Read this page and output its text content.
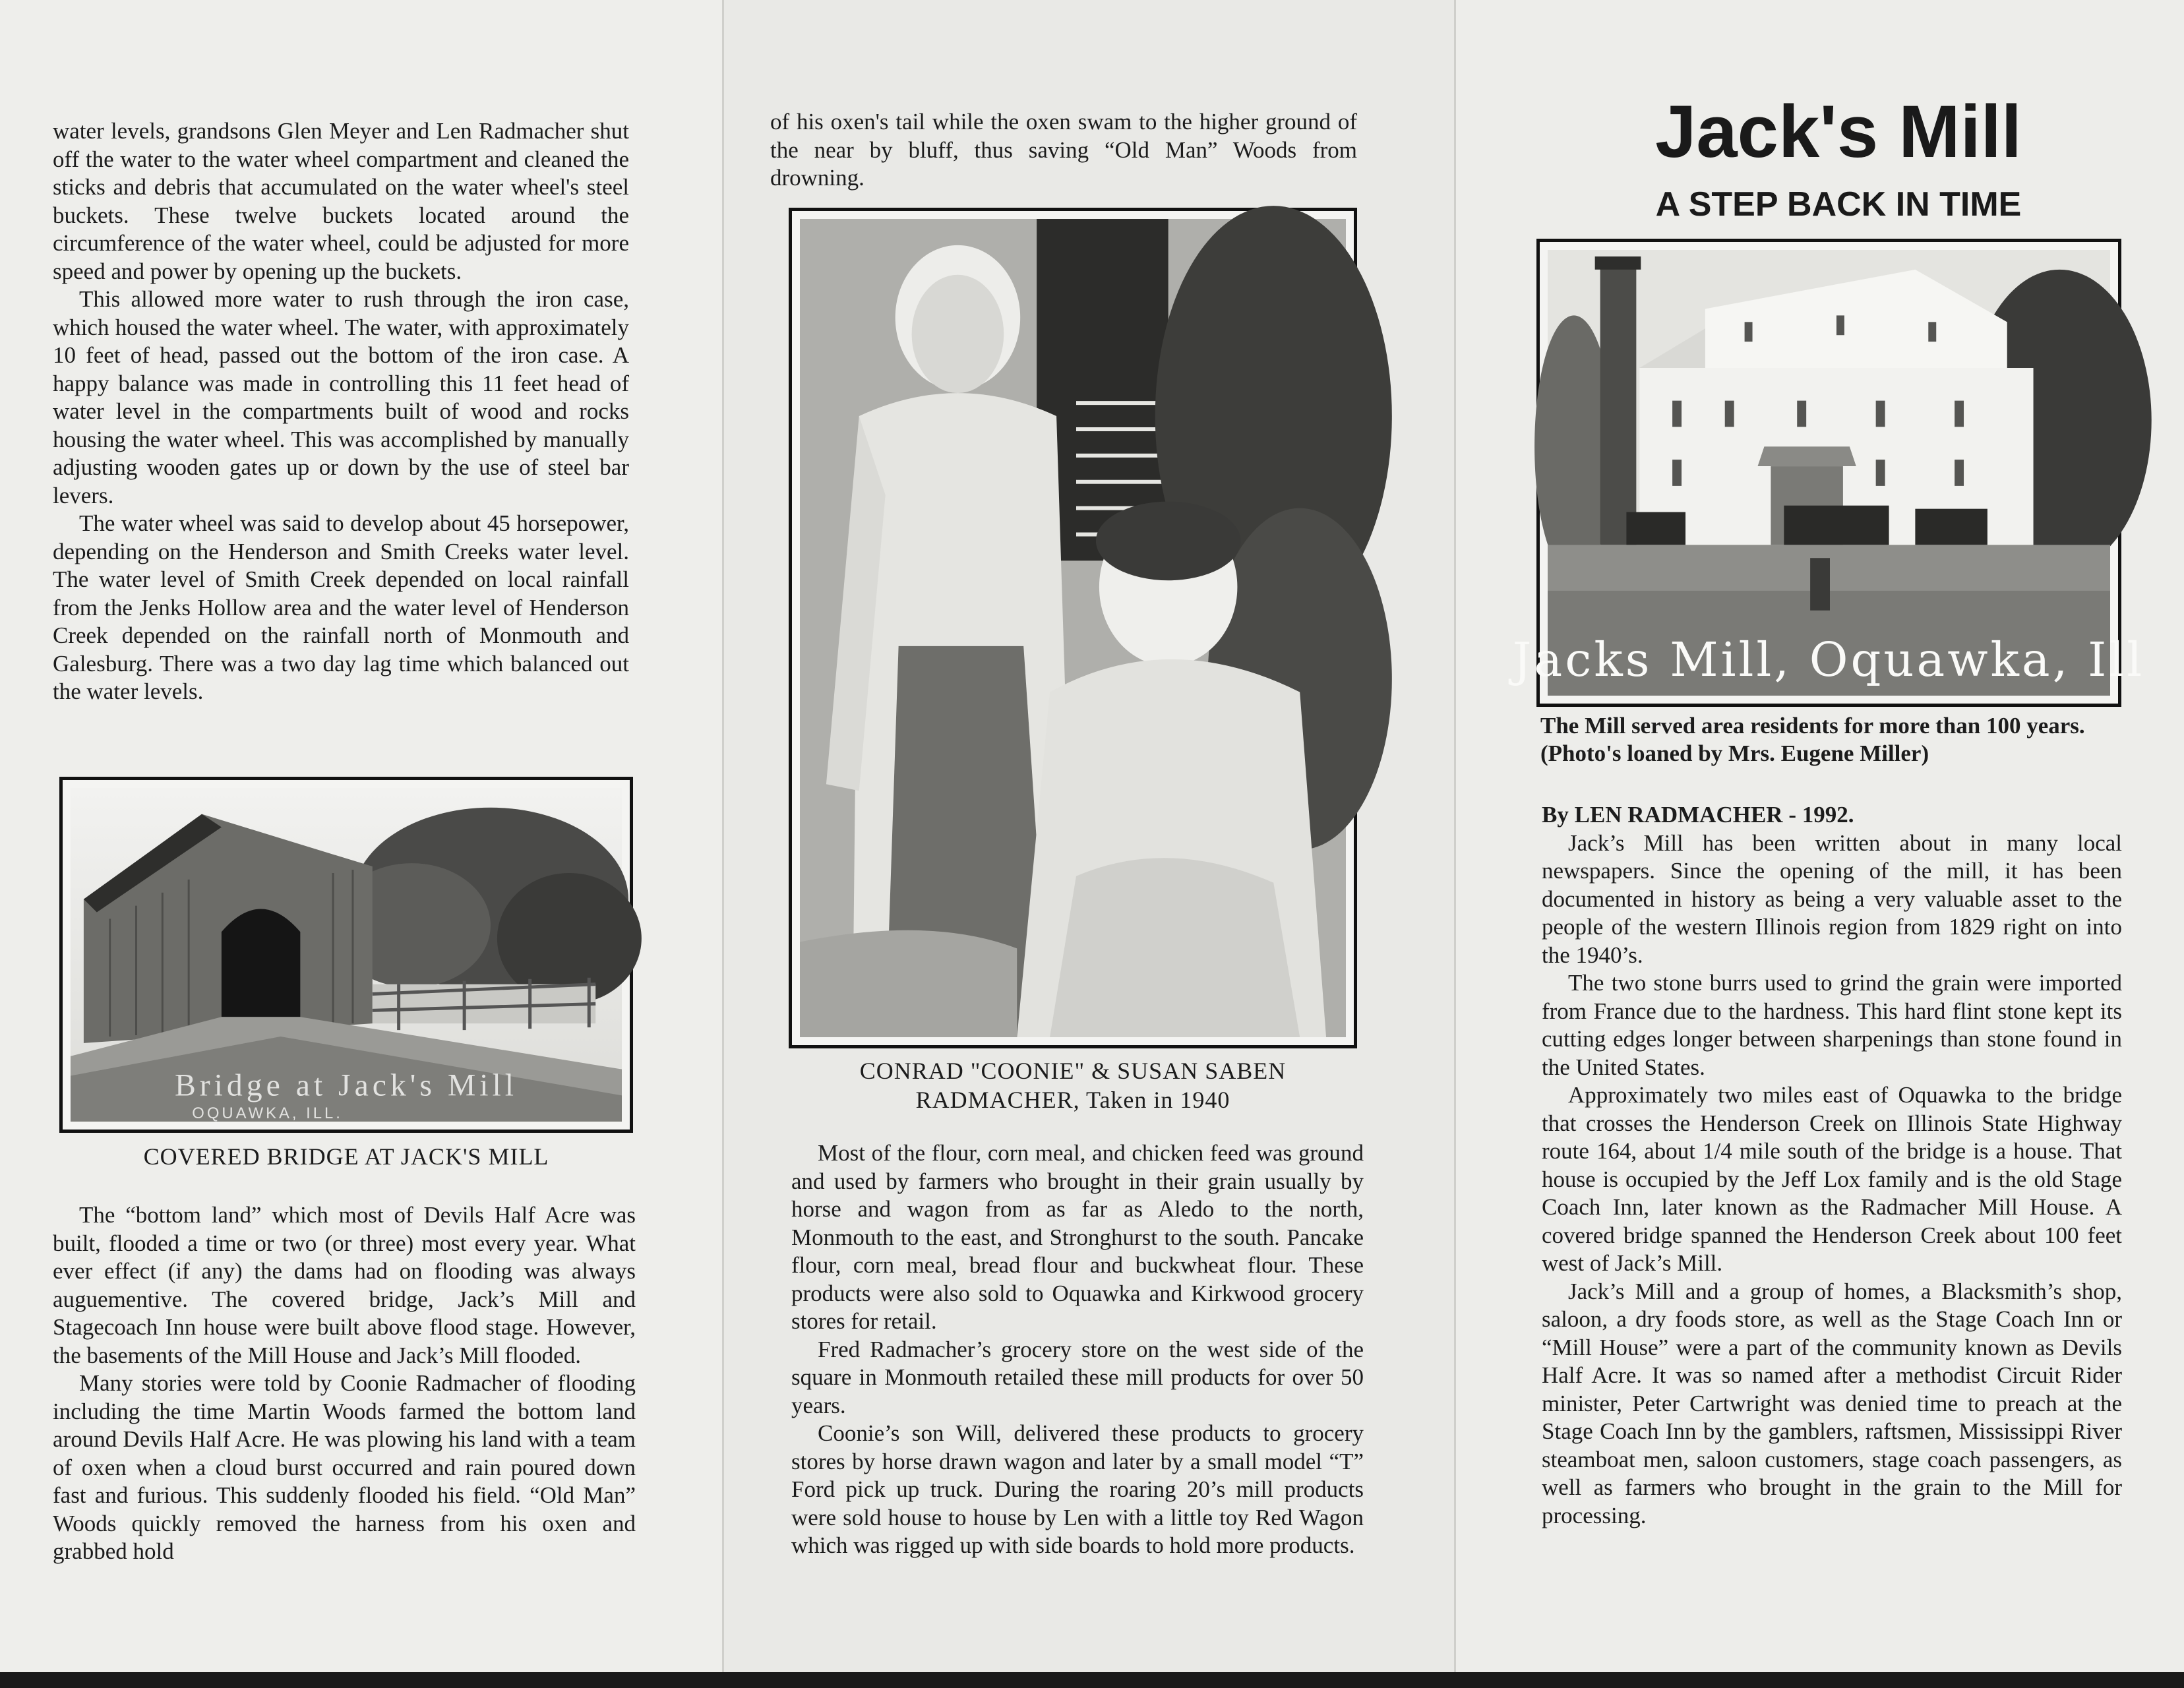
water levels, grandsons Glen Meyer and Len Radmacher shut off the water to the water wheel compartment and cleaned the sticks and debris that accumulated on the water wheel's steel buckets. These twelve buckets located around the circumference of the water wheel, could be adjusted for more speed and power by opening up the buckets.

This allowed more water to rush through the iron case, which housed the water wheel. The water, with approximately 10 feet of head, passed out the bottom of the iron case. A happy balance was made in controlling this 11 feet head of water level in the compartments built of wood and rocks housing the water wheel. This was accomplished by manually adjusting wooden gates up or down by the use of steel bar levers.

The water wheel was said to develop about 45 horsepower, depending on the Henderson and Smith Creeks water level. The water level of Smith Creek depended on local rainfall from the Jenks Hollow area and the water level of Henderson Creek depended on the rainfall north of Monmouth and Galesburg. There was a two day lag time which balanced out the water levels.

Bridge at Jack's Mill
OQUAWKA, ILL.
COVERED BRIDGE AT JACK'S MILL

The “bottom land” which most of Devils Half Acre was built, flooded a time or two (or three) most every year. What ever effect (if any) the dams had on flooding was always auguementive. The covered bridge, Jack’s Mill and Stagecoach Inn house were built above flood stage. However, the basements of the Mill House and Jack’s Mill flooded.

Many stories were told by Coonie Radmacher of flooding including the time Martin Woods farmed the bottom land around Devils Half Acre. He was plowing his land with a team of oxen when a cloud burst occurred and rain poured down fast and furious. This suddenly flooded his field. “Old Man” Woods quickly removed the harness from his oxen and grabbed hold

of his oxen's tail while the oxen swam to the higher ground of the near by bluff, thus saving “Old Man” Woods from drowning.

CONRAD "COONIE" & SUSAN SABEN
RADMACHER, Taken in 1940

Most of the flour, corn meal, and chicken feed was ground and used by farmers who brought in their grain usually by horse and wagon from as far as Aledo to the north, Monmouth to the east, and Stronghurst to the south. Pancake flour, corn meal, bread flour and buckwheat flour. These products were also sold to Oquawka and Kirkwood grocery stores for retail.

Fred Radmacher’s grocery store on the west side of the square in Monmouth retailed these mill products for over 50 years.

Coonie’s son Will, delivered these products to grocery stores by horse drawn wagon and later by a small model “T” Ford pick up truck. During the roaring 20’s mill products were sold house to house by Len with a little toy Red Wagon which was rigged up with side boards to hold more products.

Jack's Mill
A STEP BACK IN TIME
Jacks Mill, Oquawka, Ill
The Mill served area residents for more than 100 years. (Photo's loaned by Mrs. Eugene Miller)

By LEN RADMACHER - 1992.

Jack’s Mill has been written about in many local newspapers. Since the opening of the mill, it has been documented in history as being a very valuable asset to the people of the western Illinois region from 1829 right on into the 1940’s.

The two stone burrs used to grind the grain were imported from France due to the hardness. This hard flint stone kept its cutting edges longer between sharpenings than stone found in the United States.

Approximately two miles east of Oquawka to the bridge that crosses the Henderson Creek on Illinois State Highway route 164, about 1/4 mile south of the bridge is a house. That house is occupied by the Jeff Lox family and is the old Stage Coach Inn, later known as the Radmacher Mill House. A covered bridge spanned the Henderson Creek about 100 feet west of Jack’s Mill.

Jack’s Mill and a group of homes, a Blacksmith’s shop, saloon, a dry foods store, as well as the Stage Coach Inn or “Mill House” were a part of the community known as Devils Half Acre. It was so named after a methodist Circuit Rider minister, Peter Cartwright was denied time to preach at the Stage Coach Inn by the gamblers, raftsmen, Mississippi River steamboat men, saloon customers, stage coach passengers, as well as farmers who brought in the grain to the Mill for processing.
